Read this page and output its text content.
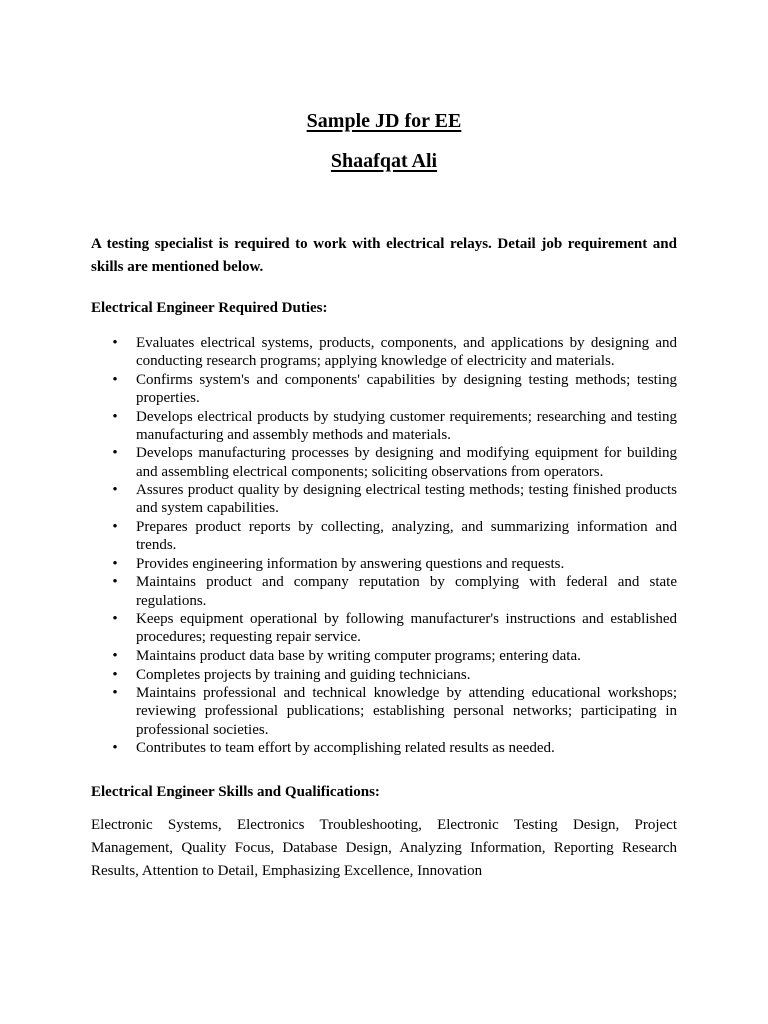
Sample JD for EE
Shaafqat Ali

A testing specialist is required to work with electrical relays. Detail job requirement and skills are mentioned below.

Electrical Engineer Required Duties:
•
Evaluates electrical systems, products, components, and applications by designing and conducting research programs; applying knowledge of electricity and materials.
•
Confirms system's and components' capabilities by designing testing methods; testing properties.
•
Develops electrical products by studying customer requirements; researching and testing manufacturing and assembly methods and materials.
•
Develops manufacturing processes by designing and modifying equipment for building and assembling electrical components; soliciting observations from operators.
•
Assures product quality by designing electrical testing methods; testing finished products and system capabilities.
•
Prepares product reports by collecting, analyzing, and summarizing information and trends.
•
Provides engineering information by answering questions and requests.
•
Maintains product and company reputation by complying with federal and state regulations.
•
Keeps equipment operational by following manufacturer's instructions and established procedures; requesting repair service.
•
Maintains product data base by writing computer programs; entering data.
•
Completes projects by training and guiding technicians.
•
Maintains professional and technical knowledge by attending educational workshops; reviewing professional publications; establishing personal networks; participating in professional societies.
•
Contributes to team effort by accomplishing related results as needed.
Electrical Engineer Skills and Qualifications:

Electronic Systems, Electronics Troubleshooting, Electronic Testing Design, Project Management, Quality Focus, Database Design, Analyzing Information, Reporting Research Results, Attention to Detail, Emphasizing Excellence, Innovation
